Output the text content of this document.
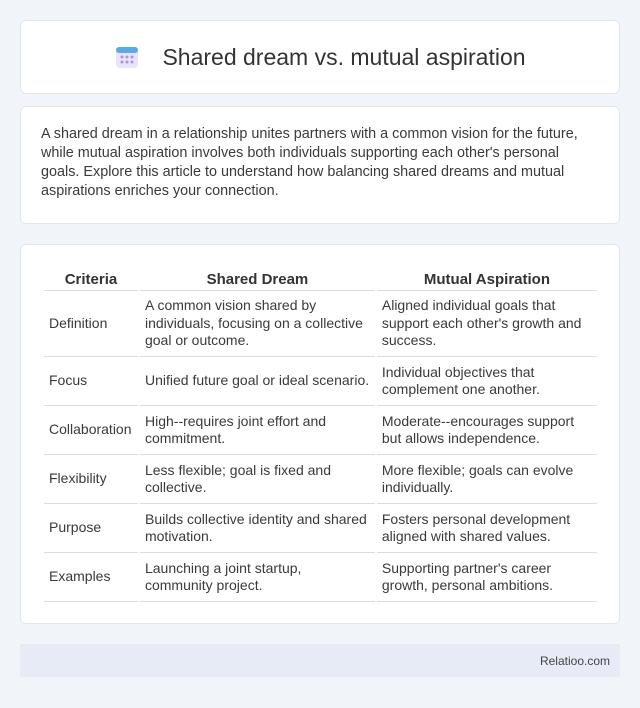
Shared dream vs. mutual aspiration

A shared dream in a relationship unites partners with a common vision for the future, while mutual aspiration involves both individuals supporting each other's personal goals. Explore this article to understand how balancing shared dreams and mutual aspirations enriches your connection.

Criteria	Shared Dream	Mutual Aspiration
Definition	A common vision shared by individuals, focusing on a collective goal or outcome.	Aligned individual goals that support each other's growth and success.
Focus	Unified future goal or ideal scenario.	Individual objectives that complement one another.
Collaboration	High--requires joint effort and commitment.	Moderate--encourages support but allows independence.
Flexibility	Less flexible; goal is fixed and collective.	More flexible; goals can evolve individually.
Purpose	Builds collective identity and shared motivation.	Fosters personal development aligned with shared values.
Examples	Launching a joint startup, community project.	Supporting partner's career growth, personal ambitions.
Relatioo.com
